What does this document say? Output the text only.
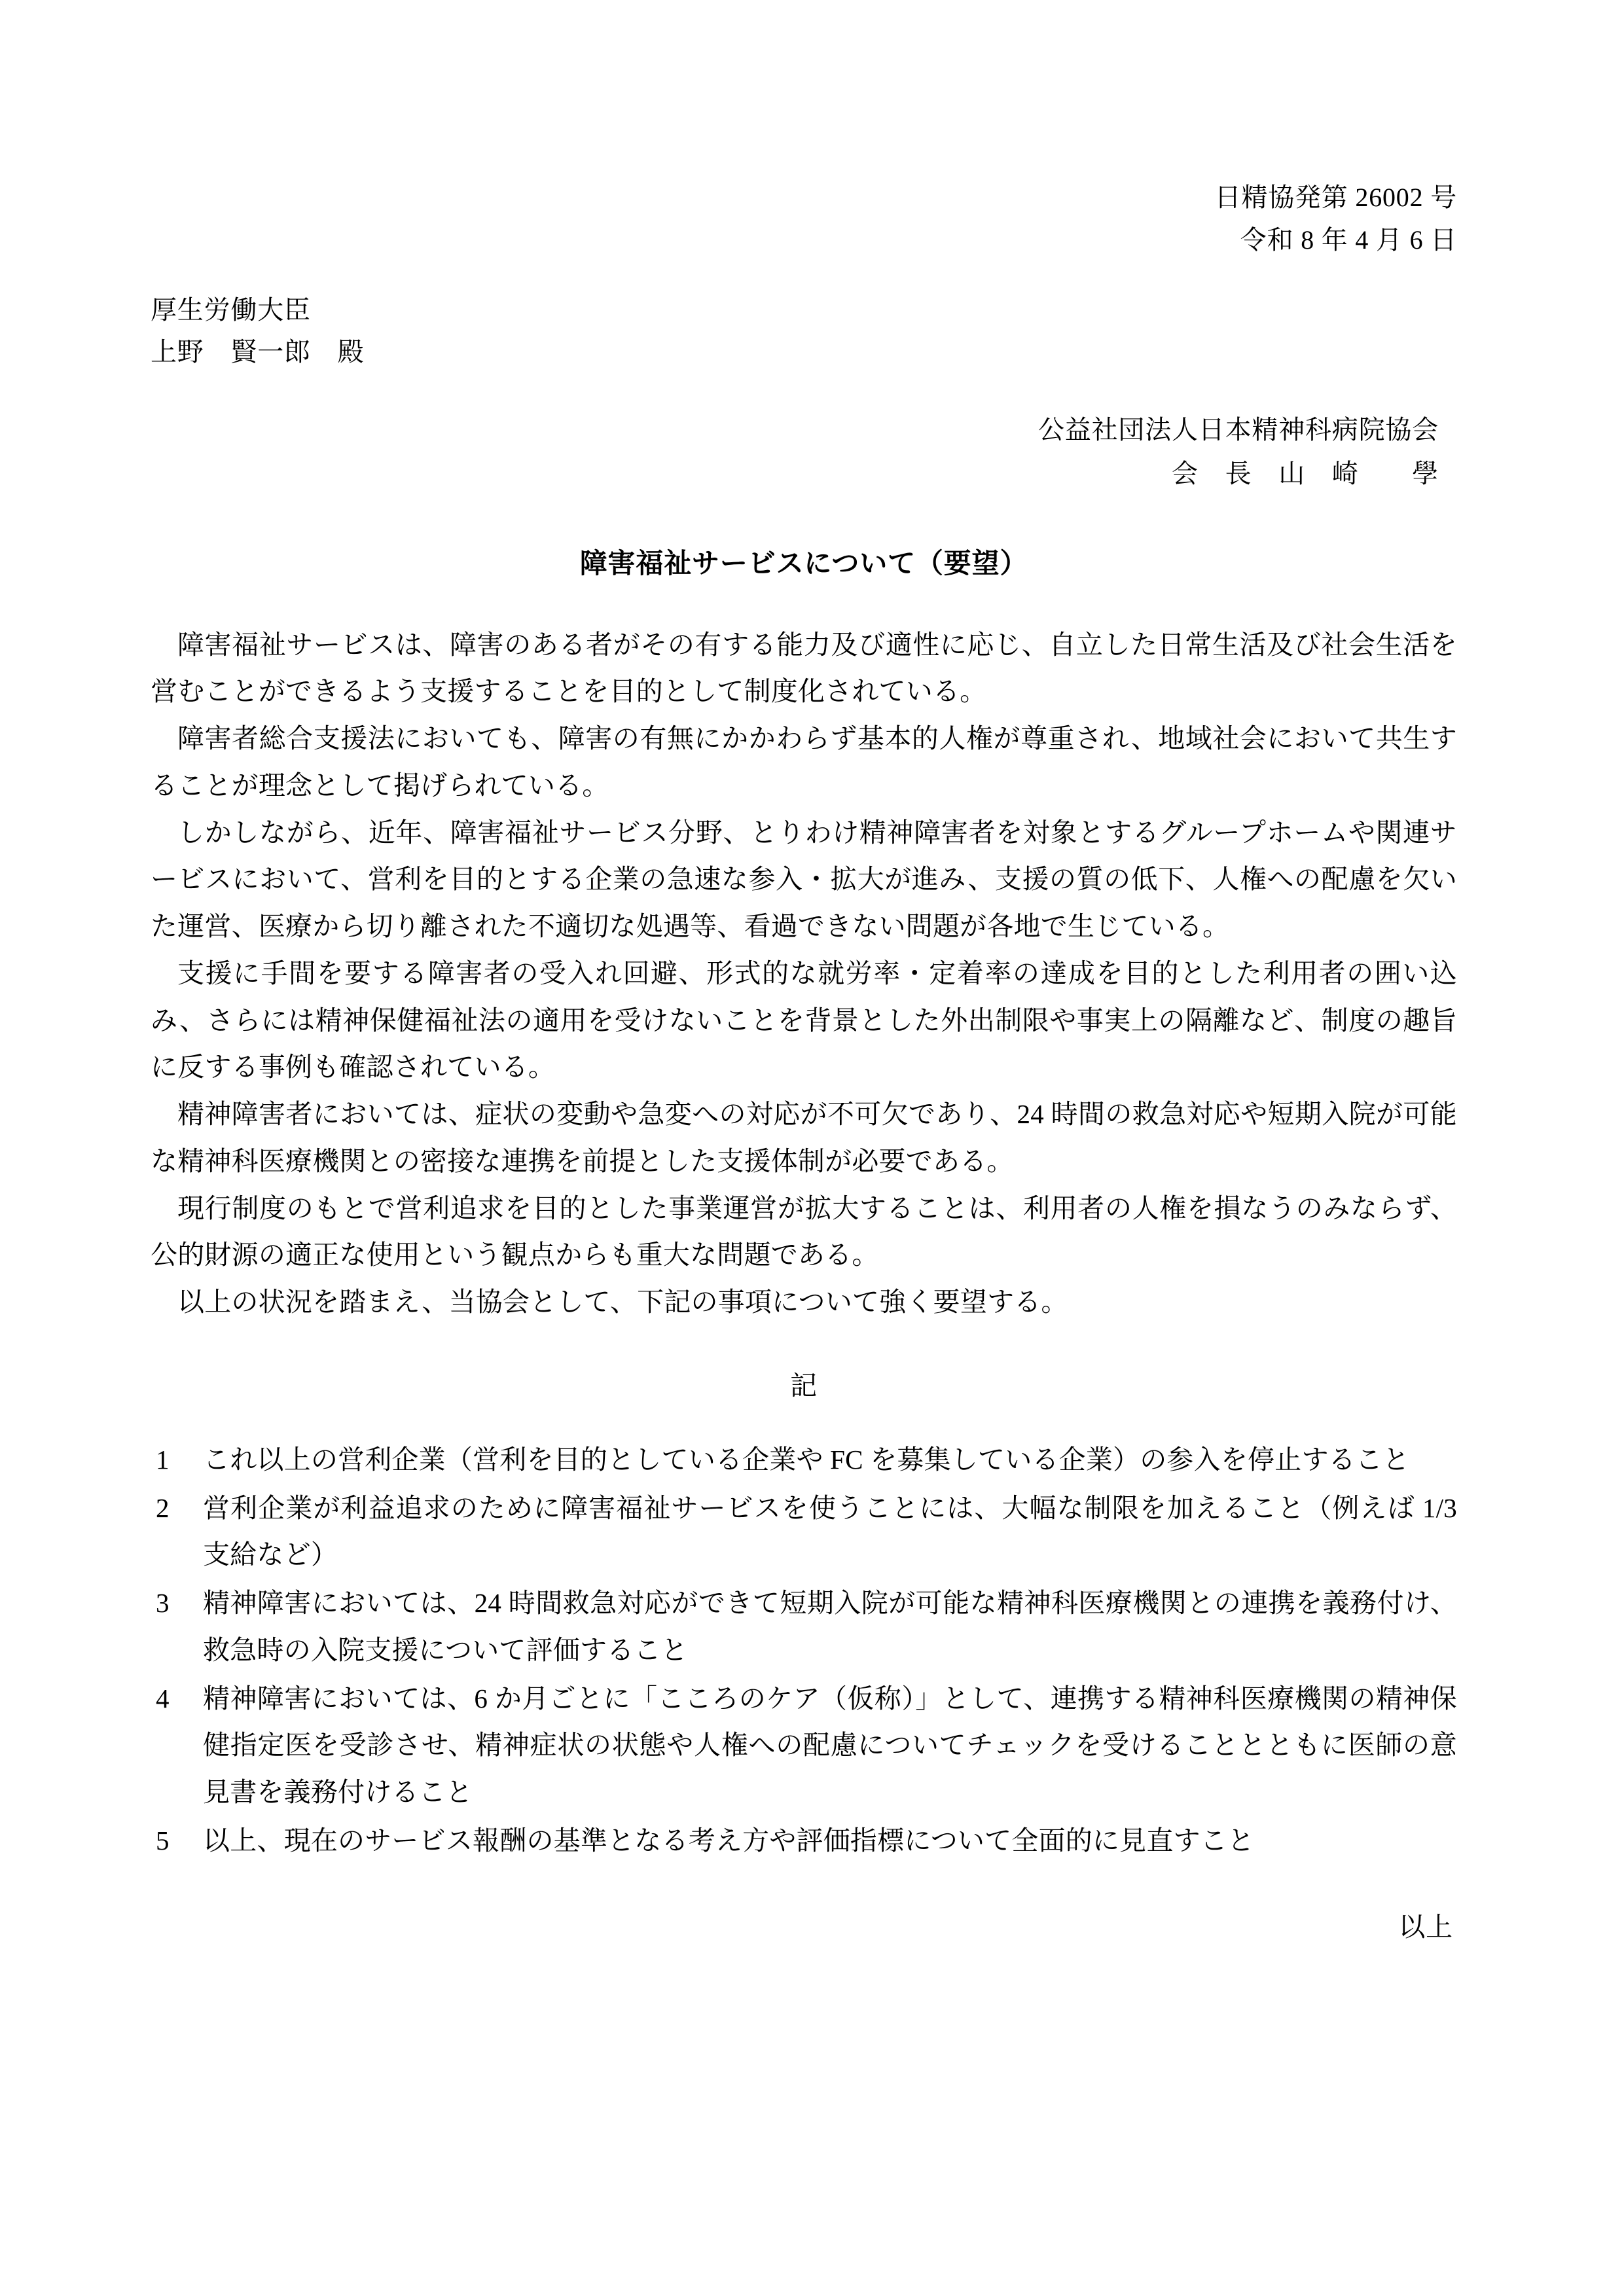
日精協発第 26002 号
令和 8 年 4 月 6 日
厚生労働大臣
上野　賢一郎　殿
公益社団法人日本精神科病院協会
会　長　山　崎　　學
障害福祉サービスについて（要望）

障害福祉サービスは、障害のある者がその有する能力及び適性に応じ、自立した日常生活及び社会生活を営むことができるよう支援することを目的として制度化されている。

障害者総合支援法においても、障害の有無にかかわらず基本的人権が尊重され、地域社会において共生することが理念として掲げられている。

しかしながら、近年、障害福祉サービス分野、とりわけ精神障害者を対象とするグループホームや関連サービスにおいて、営利を目的とする企業の急速な参入・拡大が進み、支援の質の低下、人権への配慮を欠いた運営、医療から切り離された不適切な処遇等、看過できない問題が各地で生じている。

支援に手間を要する障害者の受入れ回避、形式的な就労率・定着率の達成を目的とした利用者の囲い込み、さらには精神保健福祉法の適用を受けないことを背景とした外出制限や事実上の隔離など、制度の趣旨に反する事例も確認されている。

精神障害者においては、症状の変動や急変への対応が不可欠であり、24 時間の救急対応や短期入院が可能な精神科医療機関との密接な連携を前提とした支援体制が必要である。

現行制度のもとで営利追求を目的とした事業運営が拡大することは、利用者の人権を損なうのみならず、公的財源の適正な使用という観点からも重大な問題である。

以上の状況を踏まえ、当協会として、下記の事項について強く要望する。

記
1	これ以上の営利企業（営利を目的としている企業や FC を募集している企業）の参入を停止すること
2	営利企業が利益追求のために障害福祉サービスを使うことには、大幅な制限を加えること（例えば 1/3 支給など）
3	精神障害においては、24 時間救急対応ができて短期入院が可能な精神科医療機関との連携を義務付け、救急時の入院支援について評価すること
4	精神障害においては、6 か月ごとに「こころのケア（仮称）」として、連携する精神科医療機関の精神保健指定医を受診させ、精神症状の状態や人権への配慮についてチェックを受けることとともに医師の意見書を義務付けること
5	以上、現在のサービス報酬の基準となる考え方や評価指標について全面的に見直すこと
以上
